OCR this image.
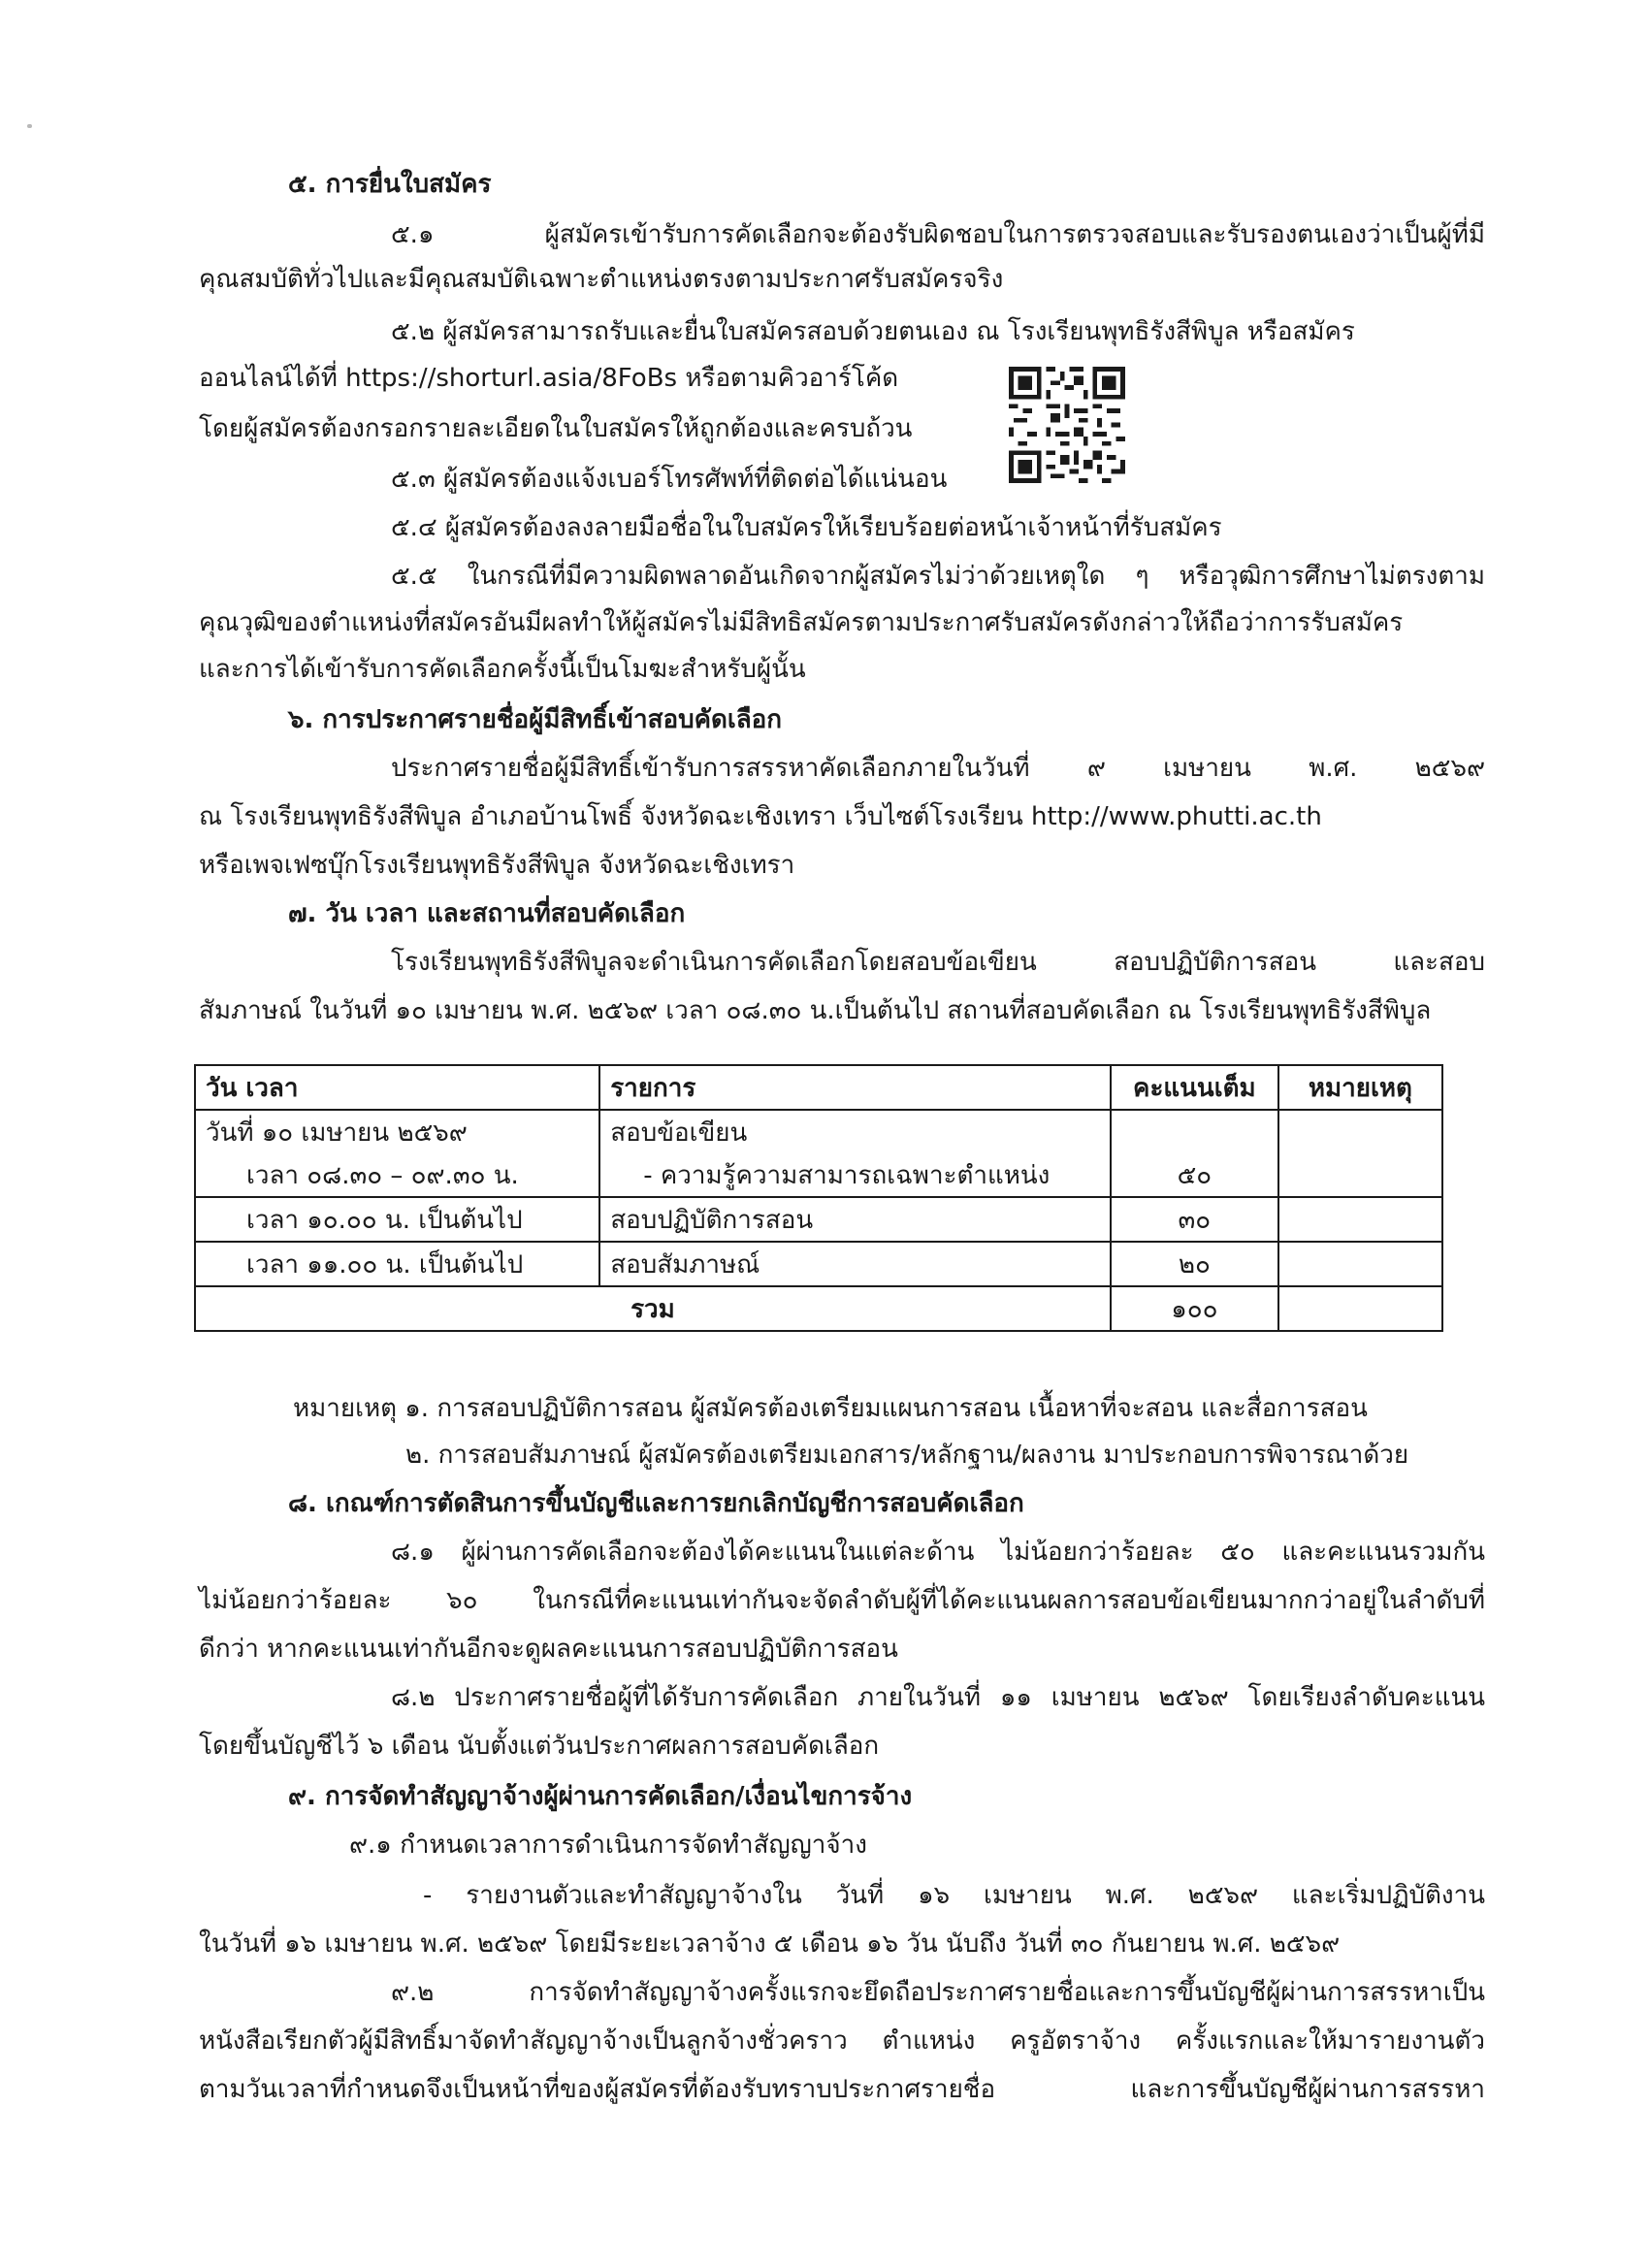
๕. การยื่นใบสมัคร
๕.๑ ผู้สมัครเข้ารับการคัดเลือกจะต้องรับผิดชอบในการตรวจสอบและรับรองตนเองว่าเป็นผู้ที่มี
คุณสมบัติทั่วไปและมีคุณสมบัติเฉพาะตำแหน่งตรงตามประกาศรับสมัครจริง
๕.๒ ผู้สมัครสามารถรับและยื่นใบสมัครสอบด้วยตนเอง ณ โรงเรียนพุทธิรังสีพิบูล หรือสมัคร
ออนไลน์ได้ที่ https://shorturl.asia/8FoBs หรือตามคิวอาร์โค้ด
โดยผู้สมัครต้องกรอกรายละเอียดในใบสมัครให้ถูกต้องและครบถ้วน
๕.๓ ผู้สมัครต้องแจ้งเบอร์โทรศัพท์ที่ติดต่อได้แน่นอน
๕.๔ ผู้สมัครต้องลงลายมือชื่อในใบสมัครให้เรียบร้อยต่อหน้าเจ้าหน้าที่รับสมัคร
๕.๕ ในกรณีที่มีความผิดพลาดอันเกิดจากผู้สมัครไม่ว่าด้วยเหตุใด ๆ หรือวุฒิการศึกษาไม่ตรงตาม
คุณวุฒิของตำแหน่งที่สมัครอันมีผลทำให้ผู้สมัครไม่มีสิทธิสมัครตามประกาศรับสมัครดังกล่าวให้ถือว่าการรับสมัคร
และการได้เข้ารับการคัดเลือกครั้งนี้เป็นโมฆะสำหรับผู้นั้น
๖. การประกาศรายชื่อผู้มีสิทธิ์เข้าสอบคัดเลือก
ประกาศรายชื่อผู้มีสิทธิ์เข้ารับการสรรหาคัดเลือกภายในวันที่ ๙ เมษายน พ.ศ. ๒๕๖๙
ณ โรงเรียนพุทธิรังสีพิบูล อำเภอบ้านโพธิ์ จังหวัดฉะเชิงเทรา เว็บไซต์โรงเรียน http://www.phutti.ac.th
หรือเพจเฟซบุ๊กโรงเรียนพุทธิรังสีพิบูล จังหวัดฉะเชิงเทรา
๗. วัน เวลา และสถานที่สอบคัดเลือก
โรงเรียนพุทธิรังสีพิบูลจะดำเนินการคัดเลือกโดยสอบข้อเขียน สอบปฏิบัติการสอน และสอบ
สัมภาษณ์ ในวันที่ ๑๐ เมษายน พ.ศ. ๒๕๖๙ เวลา ๐๘.๓๐ น.เป็นต้นไป สถานที่สอบคัดเลือก ณ โรงเรียนพุทธิรังสีพิบูล
วัน เวลา	รายการ	คะแนนเต็ม	หมายเหตุ
วันที่ ๑๐ เมษายน ๒๕๖๙	สอบข้อเขียน		
เวลา ๐๘.๓๐ – ๐๙.๓๐ น.	- ความรู้ความสามารถเฉพาะตำแหน่ง	๕๐	
เวลา ๑๐.๐๐ น. เป็นต้นไป	สอบปฏิบัติการสอน	๓๐	
เวลา ๑๑.๐๐ น. เป็นต้นไป	สอบสัมภาษณ์	๒๐	
รวม		๑๐๐	
หมายเหตุ ๑. การสอบปฏิบัติการสอน ผู้สมัครต้องเตรียมแผนการสอน เนื้อหาที่จะสอน และสื่อการสอน
๒. การสอบสัมภาษณ์ ผู้สมัครต้องเตรียมเอกสาร/หลักฐาน/ผลงาน มาประกอบการพิจารณาด้วย
๘. เกณฑ์การตัดสินการขึ้นบัญชีและการยกเลิกบัญชีการสอบคัดเลือก
๘.๑ ผู้ผ่านการคัดเลือกจะต้องได้คะแนนในแต่ละด้าน ไม่น้อยกว่าร้อยละ ๕๐ และคะแนนรวมกัน
ไม่น้อยกว่าร้อยละ ๖๐ ในกรณีที่คะแนนเท่ากันจะจัดลำดับผู้ที่ได้คะแนนผลการสอบข้อเขียนมากกว่าอยู่ในลำดับที่
ดีกว่า หากคะแนนเท่ากันอีกจะดูผลคะแนนการสอบปฏิบัติการสอน
๘.๒ ประกาศรายชื่อผู้ที่ได้รับการคัดเลือก ภายในวันที่ ๑๑ เมษายน ๒๕๖๙ โดยเรียงลำดับคะแนน
โดยขึ้นบัญชีไว้ ๖ เดือน นับตั้งแต่วันประกาศผลการสอบคัดเลือก
๙. การจัดทำสัญญาจ้างผู้ผ่านการคัดเลือก/เงื่อนไขการจ้าง
๙.๑ กำหนดเวลาการดำเนินการจัดทำสัญญาจ้าง
- รายงานตัวและทำสัญญาจ้างใน วันที่ ๑๖ เมษายน พ.ศ. ๒๕๖๙ และเริ่มปฏิบัติงาน
ในวันที่ ๑๖ เมษายน พ.ศ. ๒๕๖๙ โดยมีระยะเวลาจ้าง ๕ เดือน ๑๖ วัน นับถึง วันที่ ๓๐ กันยายน พ.ศ. ๒๕๖๙
๙.๒ การจัดทำสัญญาจ้างครั้งแรกจะยึดถือประกาศรายชื่อและการขึ้นบัญชีผู้ผ่านการสรรหาเป็น
หนังสือเรียกตัวผู้มีสิทธิ์มาจัดทำสัญญาจ้างเป็นลูกจ้างชั่วคราว ตำแหน่ง ครูอัตราจ้าง ครั้งแรกและให้มารายงานตัว
ตามวันเวลาที่กำหนดจึงเป็นหน้าที่ของผู้สมัครที่ต้องรับทราบประกาศรายชื่อ และการขึ้นบัญชีผู้ผ่านการสรรหา
